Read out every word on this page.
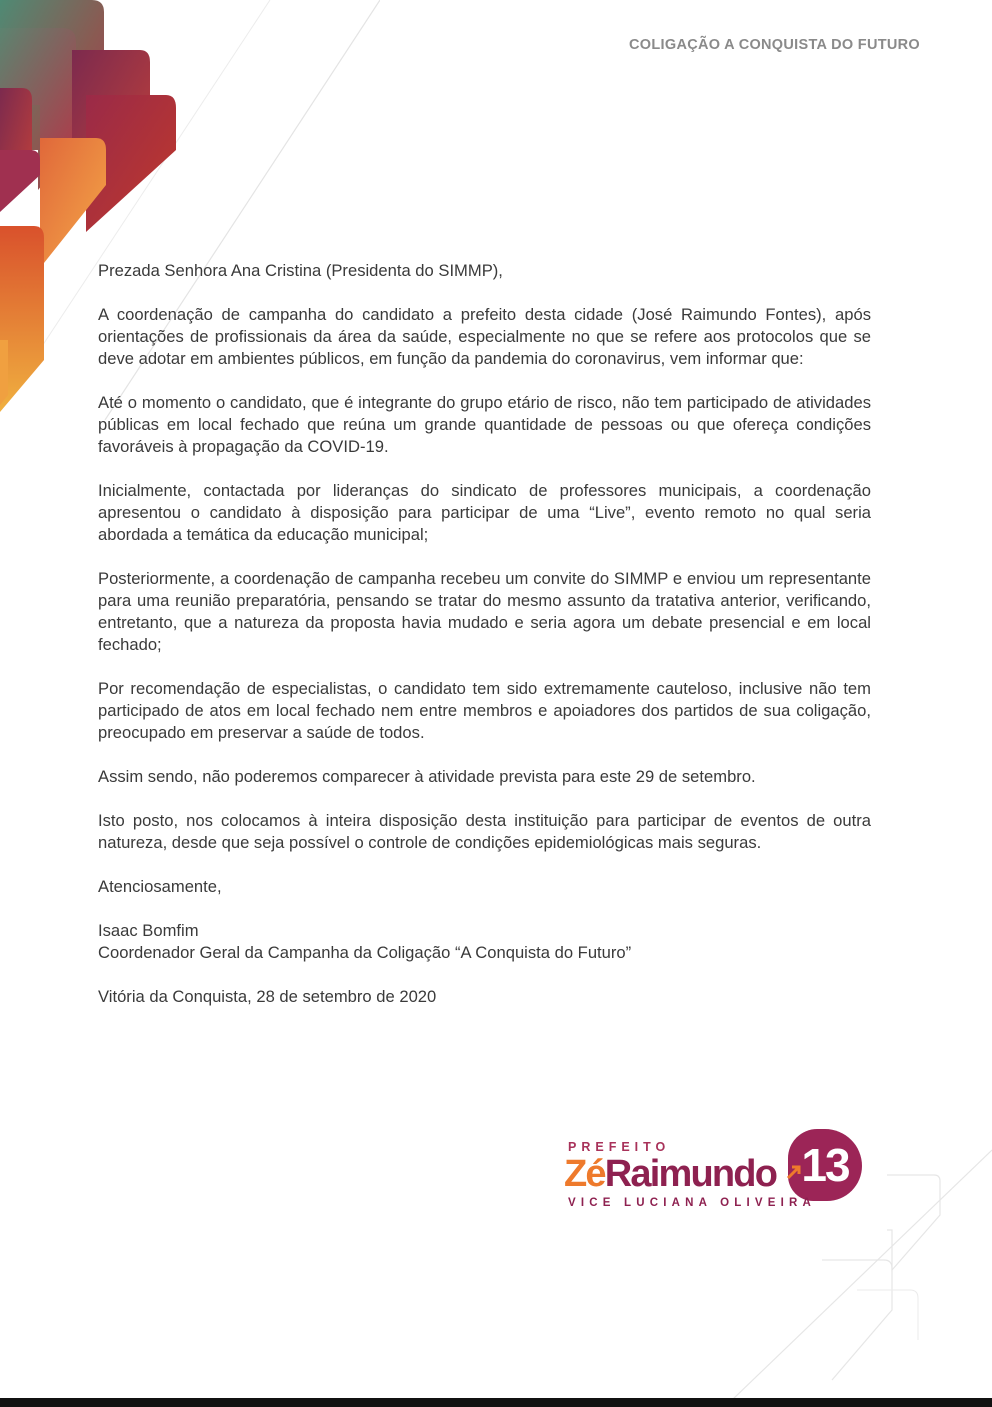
COLIGAÇÃO A CONQUISTA DO FUTURO

Prezada Senhora Ana Cristina (Presidenta do SIMMP),

A coordenação de campanha do candidato a prefeito desta cidade (José Raimundo Fontes), após orientações de profissionais da área da saúde, especialmente no que se refere aos protocolos que se deve adotar em ambientes públicos, em função da pandemia do coronavirus, vem informar que:

Até o momento o candidato, que é integrante do grupo etário de risco, não tem participado de atividades públicas em local fechado que reúna um grande quantidade de pessoas ou que ofereça condições favoráveis à propagação da COVID-19.

Inicialmente, contactada por lideranças do sindicato de professores municipais, a coordenação apresentou o candidato à disposição para participar de uma “Live”, evento remoto no qual seria abordada a temática da educação municipal;

Posteriormente, a coordenação de campanha recebeu um convite do SIMMP e enviou um representante para uma reunião preparatória, pensando se tratar do mesmo assunto da tratativa anterior, verificando, entretanto, que a natureza da proposta havia mudado e seria agora um debate presencial e em local fechado;

Por recomendação de especialistas, o candidato tem sido extremamente cauteloso, inclusive não tem participado de atos em local fechado nem entre membros e apoiadores dos partidos de sua coligação, preocupado em preservar a saúde de todos.

Assim sendo, não poderemos comparecer à atividade prevista para este 29 de setembro.

Isto posto, nos colocamos à inteira disposição desta instituição para participar de eventos de outra natureza, desde que seja possível o controle de condições epidemiológicas mais seguras.

Atenciosamente,

Isaac Bomfim

Coordenador Geral da Campanha da Coligação “A Conquista do Futuro”

Vitória da Conquista, 28 de setembro de 2020

13
PREFEITO
ZéRaimundo
VICE LUCIANA OLIVEIRA
